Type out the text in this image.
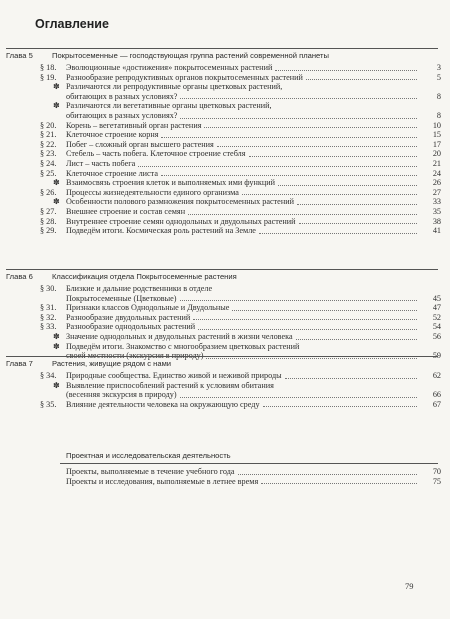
Оглавление
Глава 5	Покрытосеменные — господствующая группа растений современной планеты
§ 18. Эволюционные «достижения» покрытосеменных растений	3
§ 19. Разнообразие репродуктивных органов покрытосеменных растений	5
✽ Различаются ли репродуктивные органы цветковых растений,
обитающих в разных условиях?	8
✽ Различаются ли вегетативные органы цветковых растений,
обитающих в разных условиях?	8
§ 20. Корень – вегетативный орган растения	10
§ 21. Клеточное строение корня	15
§ 22. Побег – сложный орган высшего растения	17
§ 23. Стебель – часть побега. Клеточное строение стебля	20
§ 24. Лист – часть побега	21
§ 25. Клеточное строение листа	24
✽ Взаимосвязь строения клеток и выполняемых ими функций	26
§ 26. Процессы жизнедеятельности единого организма	27
✽ Особенности полового размножения покрытосеменных растений	33
§ 27. Внешнее строение и состав семян	35
§ 28. Внутреннее строение семян однодольных и двудольных растений	38
§ 29. Подведём итоги. Космическая роль растений на Земле	41
Глава 6	Классификация отдела Покрытосеменные растения
§ 30. Близкие и дальние родственники в отделе
Покрытосеменные (Цветковые)	45
§ 31. Признаки классов Однодольные и Двудольные	47
§ 32. Разнообразие двудольных растений	52
§ 33. Разнообразие однодольных растений	54
✽ Значение однодольных и двудольных растений в жизни человека	56
✽ Подведём итоги. Знакомство с многообразием цветковых растений
своей местности (экскурсия в природу)	59
Глава 7	Растения, живущие рядом с нами
§ 34. Природные сообщества. Единство живой и неживой природы	62
✽ Выявление приспособлений растений к условиям обитания
(весенняя экскурсия в природу)	66
§ 35. Влияние деятельности человека на окружающую среду	67
Проектная и исследовательская деятельность
Проекты, выполняемые в течение учебного года	70
Проекты и исследования, выполняемые в летнее время	75
79
